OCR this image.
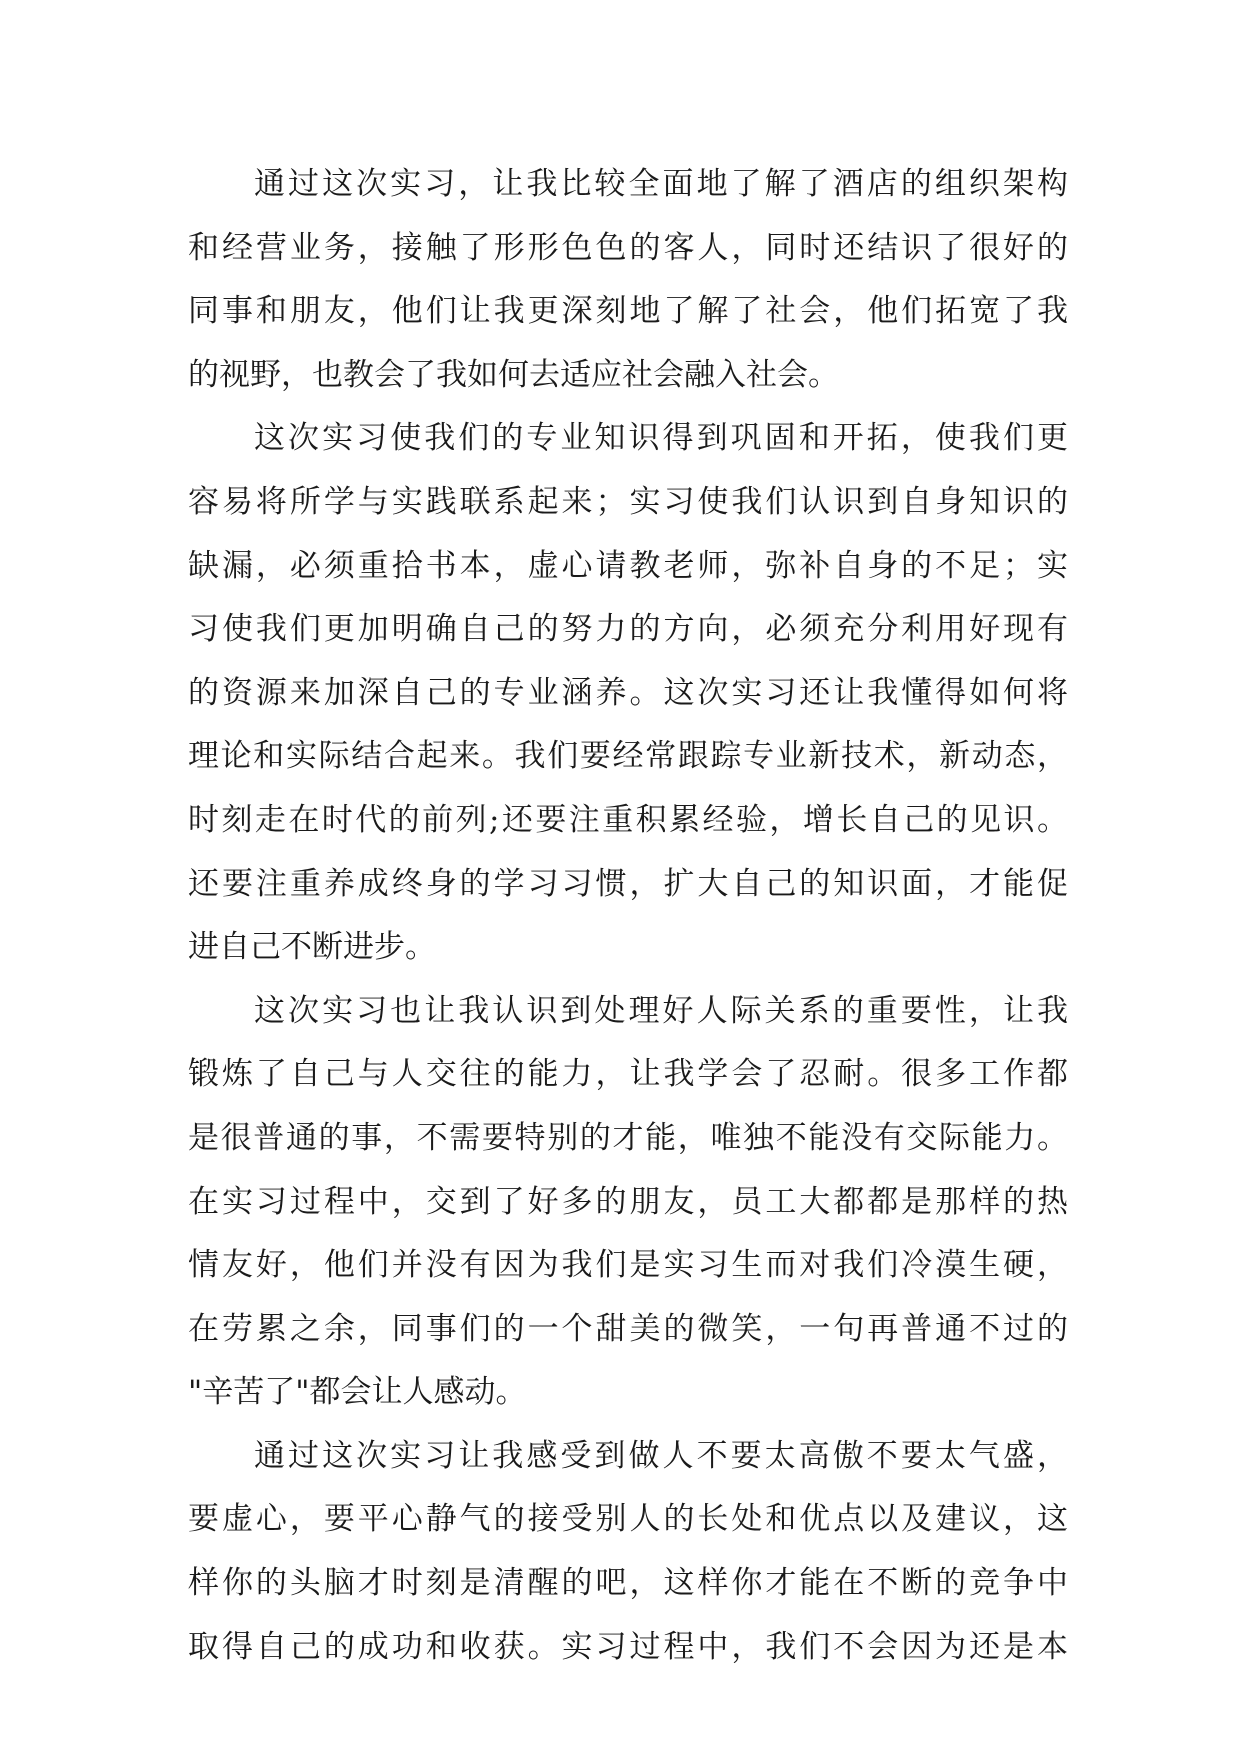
通过这次实习，让我比较全面地了解了酒店的组织架构
和经营业务，接触了形形色色的客人，同时还结识了很好的
同事和朋友，他们让我更深刻地了解了社会，他们拓宽了我
的视野，也教会了我如何去适应社会融入社会。
这次实习使我们的专业知识得到巩固和开拓，使我们更
容易将所学与实践联系起来；实习使我们认识到自身知识的
缺漏，必须重拾书本，虚心请教老师，弥补自身的不足；实
习使我们更加明确自己的努力的方向，必须充分利用好现有
的资源来加深自己的专业涵养。这次实习还让我懂得如何将
理论和实际结合起来。我们要经常跟踪专业新技术，新动态，
时刻走在时代的前列;还要注重积累经验，增长自己的见识。
还要注重养成终身的学习习惯，扩大自己的知识面，才能促
进自己不断进步。
这次实习也让我认识到处理好人际关系的重要性，让我
锻炼了自己与人交往的能力，让我学会了忍耐。很多工作都
是很普通的事，不需要特别的才能，唯独不能没有交际能力。
在实习过程中，交到了好多的朋友，员工大都都是那样的热
情友好，他们并没有因为我们是实习生而对我们冷漠生硬，
在劳累之余，同事们的一个甜美的微笑，一句再普通不过的
"辛苦了"都会让人感动。
通过这次实习让我感受到做人不要太高傲不要太气盛，
要虚心，要平心静气的接受别人的长处和优点以及建议，这
样你的头脑才时刻是清醒的吧，这样你才能在不断的竞争中
取得自己的成功和收获。实习过程中，我们不会因为还是本
